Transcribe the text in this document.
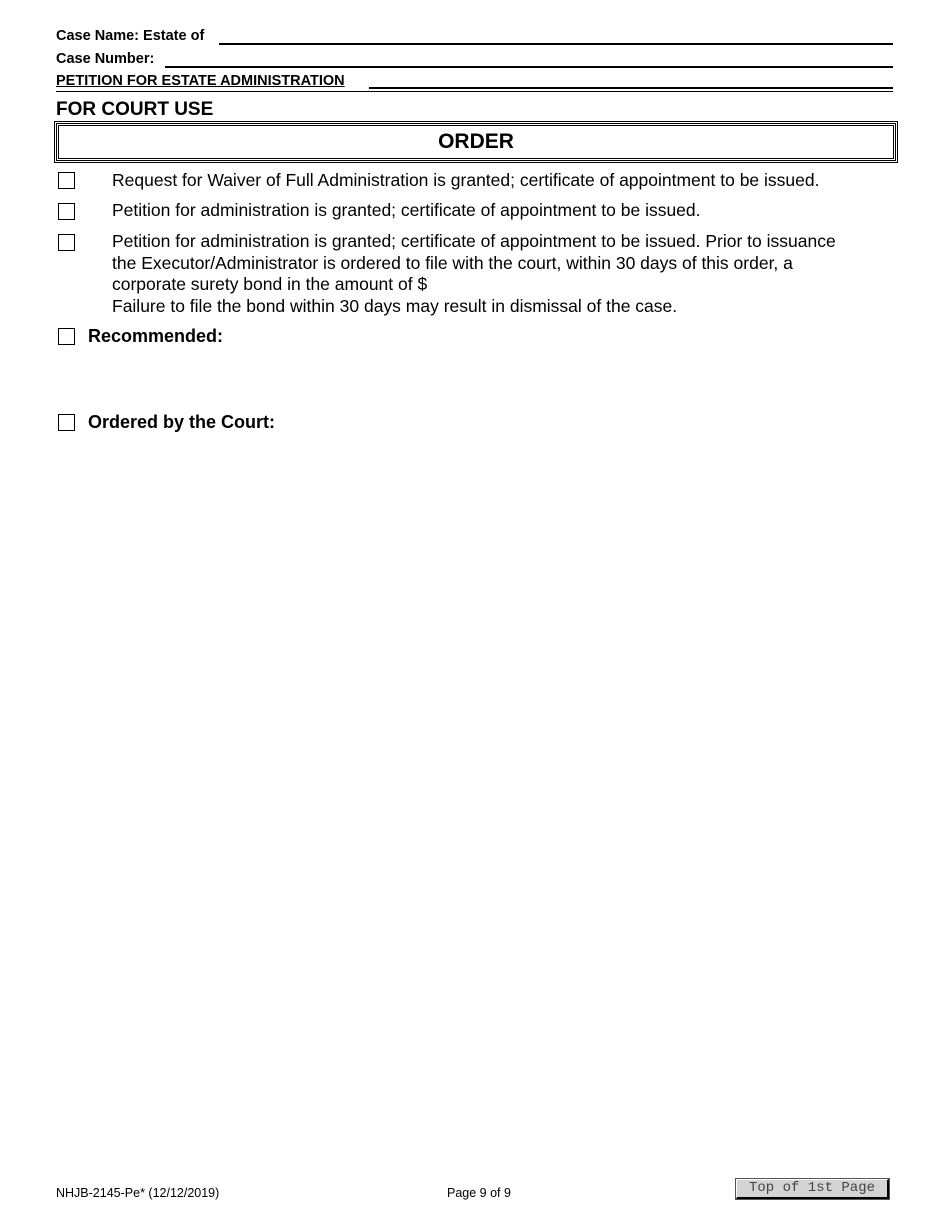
Case Name: Estate of
Case Number:
PETITION FOR ESTATE ADMINISTRATION
FOR COURT USE
ORDER
Request for Waiver of Full Administration is granted; certificate of appointment to be issued.
Petition for administration is granted; certificate of appointment to be issued.
Petition for administration is granted; certificate of appointment to be issued. Prior to issuance
the Executor/Administrator is ordered to file with the court, within 30 days of this order, a
corporate surety bond in the amount of $
Failure to file the bond within 30 days may result in dismissal of the case.
Recommended:
Ordered by the Court:
NHJB-2145-Pe* (12/12/2019)	Page 9 of 9	Top of 1st Page
